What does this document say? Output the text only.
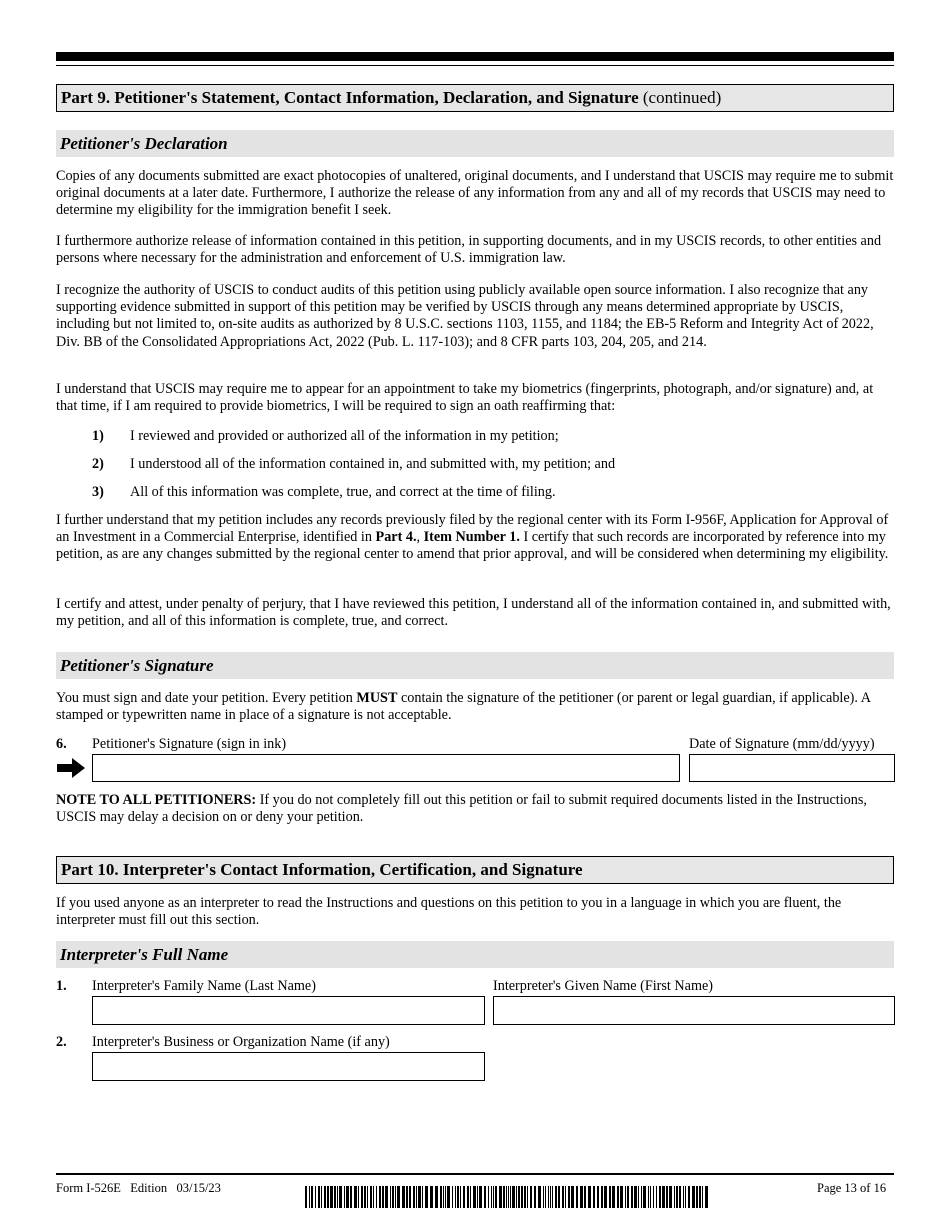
Part 9. Petitioner's Statement, Contact Information, Declaration, and Signature (continued)
Petitioner's Declaration

Copies of any documents submitted are exact photocopies of unaltered, original documents, and I understand that USCIS may require me to submit original documents at a later date. Furthermore, I authorize the release of any information from any and all of my records that USCIS may need to determine my eligibility for the immigration benefit I seek.

I furthermore authorize release of information contained in this petition, in supporting documents, and in my USCIS records, to other entities and persons where necessary for the administration and enforcement of U.S. immigration law.

I recognize the authority of USCIS to conduct audits of this petition using publicly available open source information. I also recognize that any supporting evidence submitted in support of this petition may be verified by USCIS through any means determined appropriate by USCIS, including but not limited to, on-site audits as authorized by 8 U.S.C. sections 1103, 1155, and 1184; the EB-5 Reform and Integrity Act of 2022, Div. BB of the Consolidated Appropriations Act, 2022 (Pub. L. 117-103); and 8 CFR parts 103, 204, 205, and 214.

I understand that USCIS may require me to appear for an appointment to take my biometrics (fingerprints, photograph, and/or signature) and, at that time, if I am required to provide biometrics, I will be required to sign an oath reaffirming that:

1) I reviewed and provided or authorized all of the information in my petition;
2) I understood all of the information contained in, and submitted with, my petition; and
3) All of this information was complete, true, and correct at the time of filing.

I further understand that my petition includes any records previously filed by the regional center with its Form I-956F, Application for Approval of an Investment in a Commercial Enterprise, identified in Part 4., Item Number 1. I certify that such records are incorporated by reference into my petition, as are any changes submitted by the regional center to amend that prior approval, and will be considered when determining my eligibility.

I certify and attest, under penalty of perjury, that I have reviewed this petition, I understand all of the information contained in, and submitted with, my petition, and all of this information is complete, true, and correct.

Petitioner's Signature

You must sign and date your petition. Every petition MUST contain the signature of the petitioner (or parent or legal guardian, if applicable). A stamped or typewritten name in place of a signature is not acceptable.

6. Petitioner's Signature (sign in ink)	Date of Signature (mm/dd/yyyy)

NOTE TO ALL PETITIONERS: If you do not completely fill out this petition or fail to submit required documents listed in the Instructions, USCIS may delay a decision on or deny your petition.

Part 10. Interpreter's Contact Information, Certification, and Signature

If you used anyone as an interpreter to read the Instructions and questions on this petition to you in a language in which you are fluent, the interpreter must fill out this section.

Interpreter's Full Name
1. Interpreter's Family Name (Last Name)	Interpreter's Given Name (First Name)
2. Interpreter's Business or Organization Name (if any)
Form I-526E   Edition   03/15/23	Page 13 of 16
